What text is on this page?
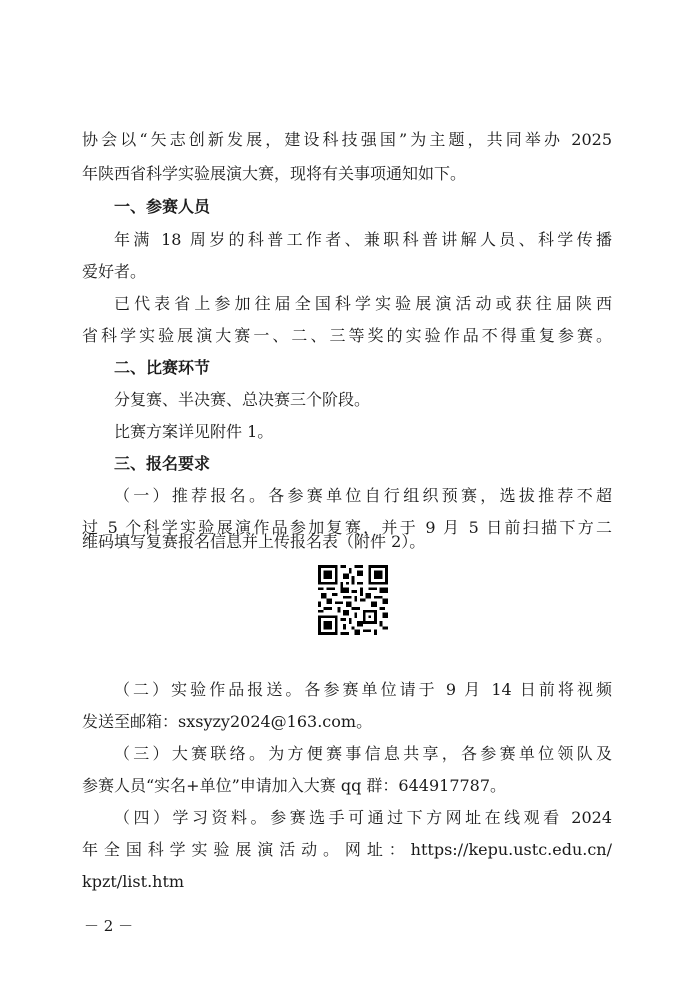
协会以“矢志创新发展，建设科技强国”为主题，共同举办 2025
年陕西省科学实验展演大赛，现将有关事项通知如下。
一、参赛人员
年满 18 周岁的科普工作者、兼职科普讲解人员、科学传播
爱好者。
已代表省上参加往届全国科学实验展演活动或获往届陕西
省科学实验展演大赛一、二、三等奖的实验作品不得重复参赛。
二、比赛环节
分复赛、半决赛、总决赛三个阶段。
比赛方案详见附件 1。
三、报名要求
（一）推荐报名。各参赛单位自行组织预赛，选拔推荐不超
过 5 个科学实验展演作品参加复赛，并于 9 月 5 日前扫描下方二
维码填写复赛报名信息并上传报名表（附件 2）。
（二）实验作品报送。各参赛单位请于 9 月 14 日前将视频
发送至邮箱：sxsyzy2024@163.com。
（三）大赛联络。为方便赛事信息共享，各参赛单位领队及
参赛人员“实名+单位”申请加入大赛 qq 群：644917787。
（四）学习资料。参赛选手可通过下方网址在线观看 2024
年全国科学实验展演活动。网址：https://kepu.ustc.edu.cn/
kpzt/list.htm
－ 2 －
